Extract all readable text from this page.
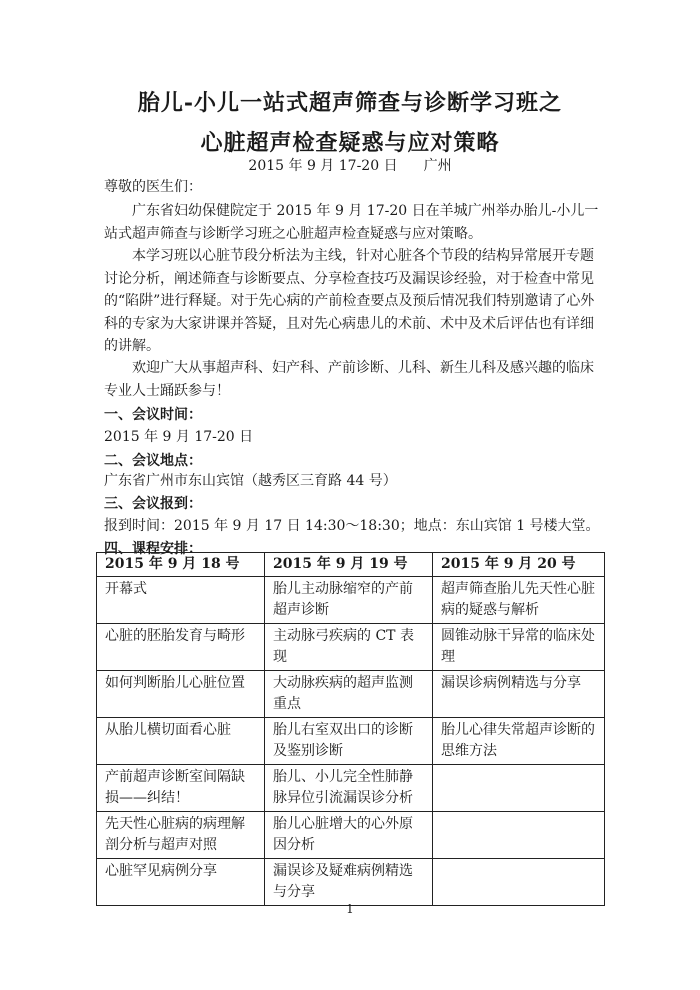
胎儿-小儿一站式超声筛查与诊断学习班之
心脏超声检查疑惑与应对策略
2015 年 9 月 17-20 日 广州
尊敬的医生们：
广东省妇幼保健院定于 2015 年 9 月 17-20 日在羊城广州举办胎儿-小儿一站式超声筛查与诊断学习班之心脏超声检查疑惑与应对策略。
本学习班以心脏节段分析法为主线，针对心脏各个节段的结构异常展开专题讨论分析，阐述筛查与诊断要点、分享检查技巧及漏误诊经验，对于检查中常见的“陷阱”进行释疑。对于先心病的产前检查要点及预后情况我们特别邀请了心外科的专家为大家讲课并答疑，且对先心病患儿的术前、术中及术后评估也有详细的讲解。
欢迎广大从事超声科、妇产科、产前诊断、儿科、新生儿科及感兴趣的临床专业人士踊跃参与！
一、会议时间：
2015 年 9 月 17-20 日
二、会议地点：
广东省广州市东山宾馆（越秀区三育路 44 号）
三、会议报到：
报到时间：2015 年 9 月 17 日 14:30～18:30；地点：东山宾馆 1 号楼大堂。
四、课程安排：
2015 年 9 月 18 号	2015 年 9 月 19 号	2015 年 9 月 20 号
开幕式	胎儿主动脉缩窄的产前超声诊断	超声筛查胎儿先天性心脏病的疑惑与解析
心脏的胚胎发育与畸形	主动脉弓疾病的 CT 表现	圆锥动脉干异常的临床处理
如何判断胎儿心脏位置	大动脉疾病的超声监测重点	漏误诊病例精选与分享
从胎儿横切面看心脏	胎儿右室双出口的诊断及鉴别诊断	胎儿心律失常超声诊断的思维方法
产前超声诊断室间隔缺损——纠结！	胎儿、小儿完全性肺静脉异位引流漏误诊分析	
先天性心脏病的病理解剖分析与超声对照	胎儿心脏增大的心外原因分析	
心脏罕见病例分享	漏误诊及疑难病例精选与分享	
1
